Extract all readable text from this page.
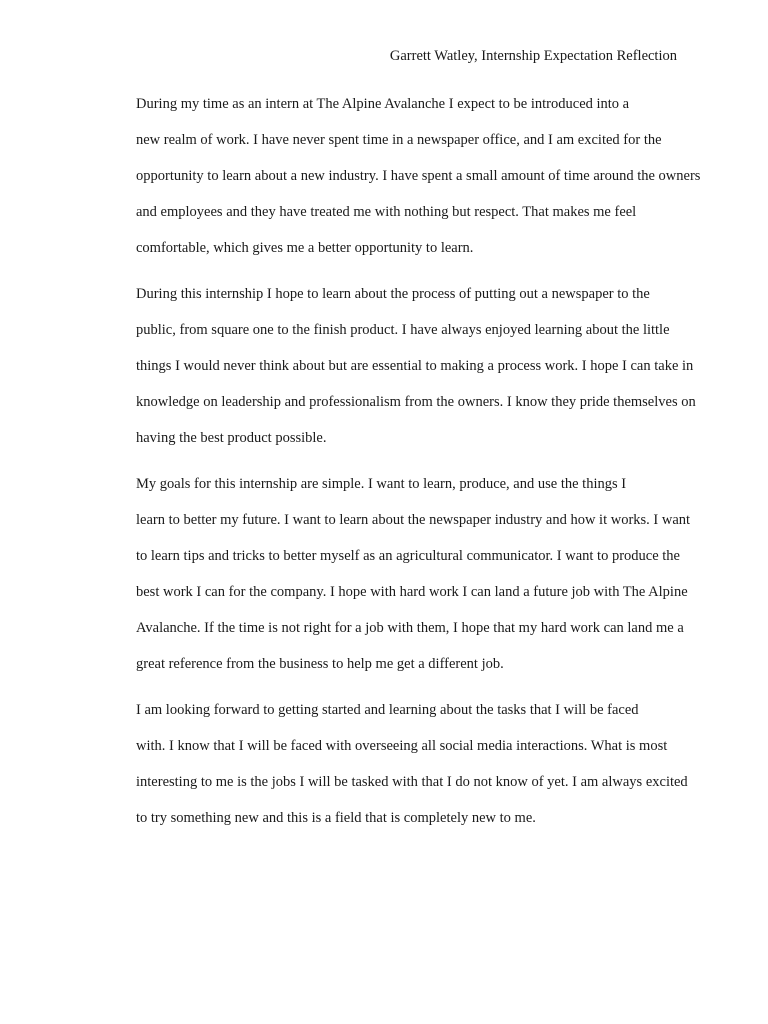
Garrett Watley, Internship Expectation Reflection

During my time as an intern at The Alpine Avalanche I expect to be introduced into a
new realm of work. I have never spent time in a newspaper office, and I am excited for the
opportunity to learn about a new industry. I have spent a small amount of time around the owners
and employees and they have treated me with nothing but respect. That makes me feel
comfortable, which gives me a better opportunity to learn.

During this internship I hope to learn about the process of putting out a newspaper to the
public, from square one to the finish product. I have always enjoyed learning about the little
things I would never think about but are essential to making a process work. I hope I can take in
knowledge on leadership and professionalism from the owners. I know they pride themselves on
having the best product possible.

My goals for this internship are simple. I want to learn, produce, and use the things I
learn to better my future. I want to learn about the newspaper industry and how it works. I want
to learn tips and tricks to better myself as an agricultural communicator. I want to produce the
best work I can for the company. I hope with hard work I can land a future job with The Alpine
Avalanche. If the time is not right for a job with them, I hope that my hard work can land me a
great reference from the business to help me get a different job.

I am looking forward to getting started and learning about the tasks that I will be faced
with. I know that I will be faced with overseeing all social media interactions. What is most
interesting to me is the jobs I will be tasked with that I do not know of yet. I am always excited
to try something new and this is a field that is completely new to me.
